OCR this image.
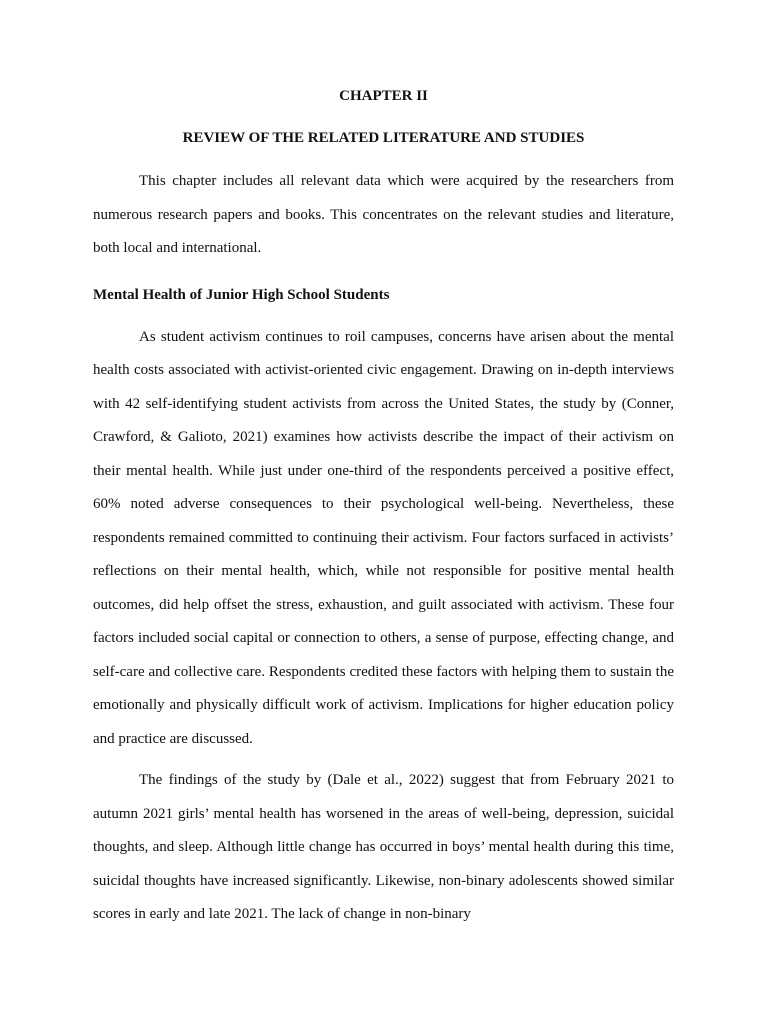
CHAPTER II

REVIEW OF THE RELATED LITERATURE AND STUDIES

This chapter includes all relevant data which were acquired by the researchers from numerous research papers and books. This concentrates on the relevant studies and literature, both local and international.

Mental Health of Junior High School Students

As student activism continues to roil campuses, concerns have arisen about the mental health costs associated with activist-oriented civic engagement. Drawing on in-depth interviews with 42 self-identifying student activists from across the United States, the study by (Conner, Crawford, & Galioto, 2021) examines how activists describe the impact of their activism on their mental health. While just under one-third of the respondents perceived a positive effect, 60% noted adverse consequences to their psychological well-being. Nevertheless, these respondents remained committed to continuing their activism. Four factors surfaced in activists’ reflections on their mental health, which, while not responsible for positive mental health outcomes, did help offset the stress, exhaustion, and guilt associated with activism. These four factors included social capital or connection to others, a sense of purpose, effecting change, and self-care and collective care. Respondents credited these factors with helping them to sustain the emotionally and physically difficult work of activism. Implications for higher education policy and practice are discussed.

The findings of the study by (Dale et al., 2022) suggest that from February 2021 to autumn 2021 girls’ mental health has worsened in the areas of well-being, depression, suicidal thoughts, and sleep. Although little change has occurred in boys’ mental health during this time, suicidal thoughts have increased significantly. Likewise, non-binary adolescents showed similar scores in early and late 2021. The lack of change in non-binary
